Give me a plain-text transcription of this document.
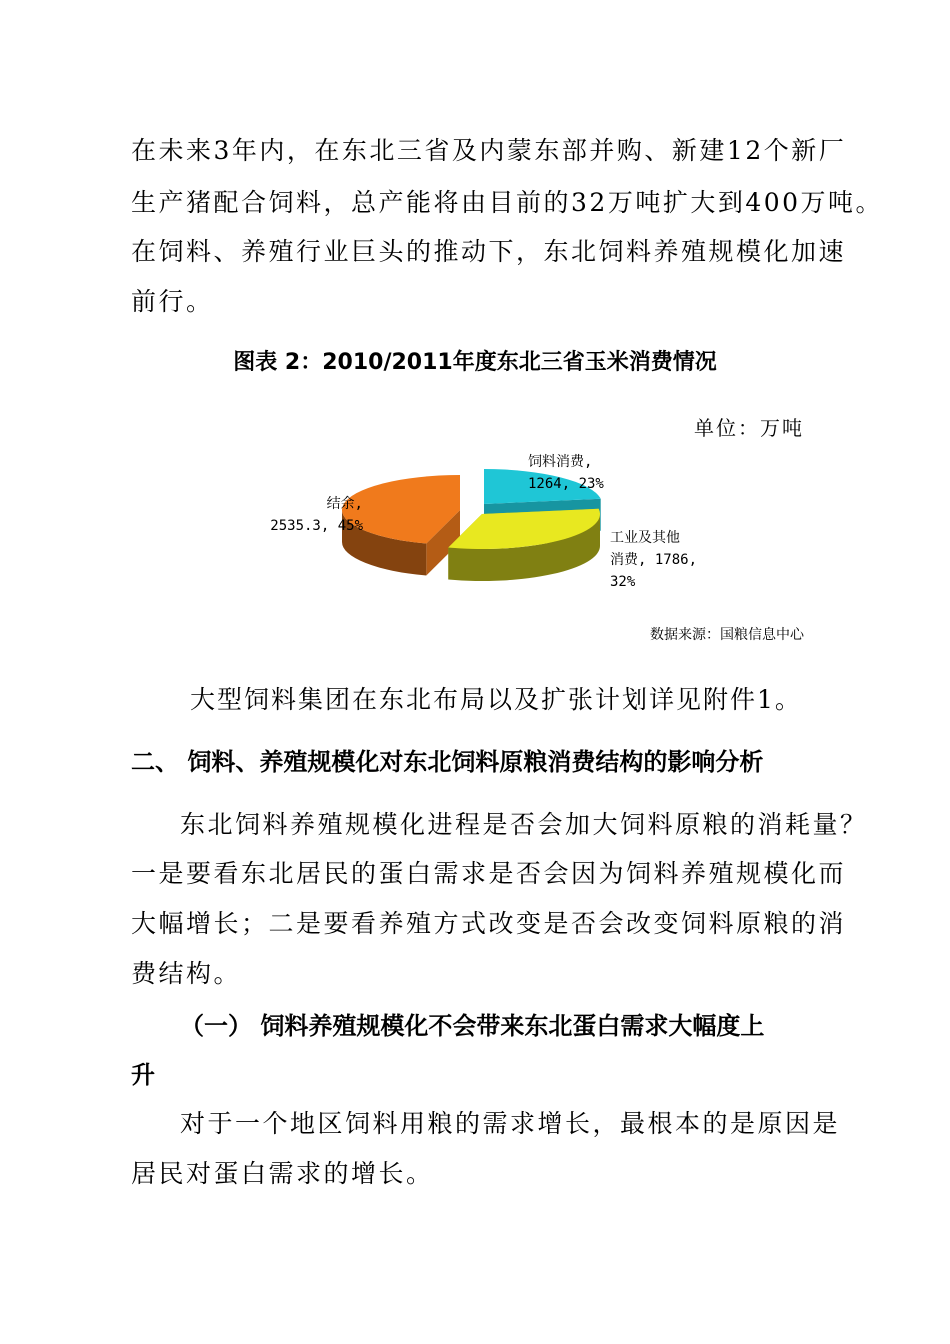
在未来3年内，在东北三省及内蒙东部并购、新建12个新厂
生产猪配合饲料，总产能将由目前的32万吨扩大到400万吨。
在饲料、养殖行业巨头的推动下，东北饲料养殖规模化加速
前行。
图表 2：2010/2011年度东北三省玉米消费情况
单位：万吨
饲料消费, 1264, 23%
结余, 2535.3, 45%
工业及其他消费, 1786, 32%
数据来源：国粮信息中心
大型饲料集团在东北布局以及扩张计划详见附件1。
二、 饲料、养殖规模化对东北饲料原粮消费结构的影响分析
东北饲料养殖规模化进程是否会加大饲料原粮的消耗量？
一是要看东北居民的蛋白需求是否会因为饲料养殖规模化而
大幅增长；二是要看养殖方式改变是否会改变饲料原粮的消
费结构。
（一） 饲料养殖规模化不会带来东北蛋白需求大幅度上
升
对于一个地区饲料用粮的需求增长，最根本的是原因是
居民对蛋白需求的增长。
